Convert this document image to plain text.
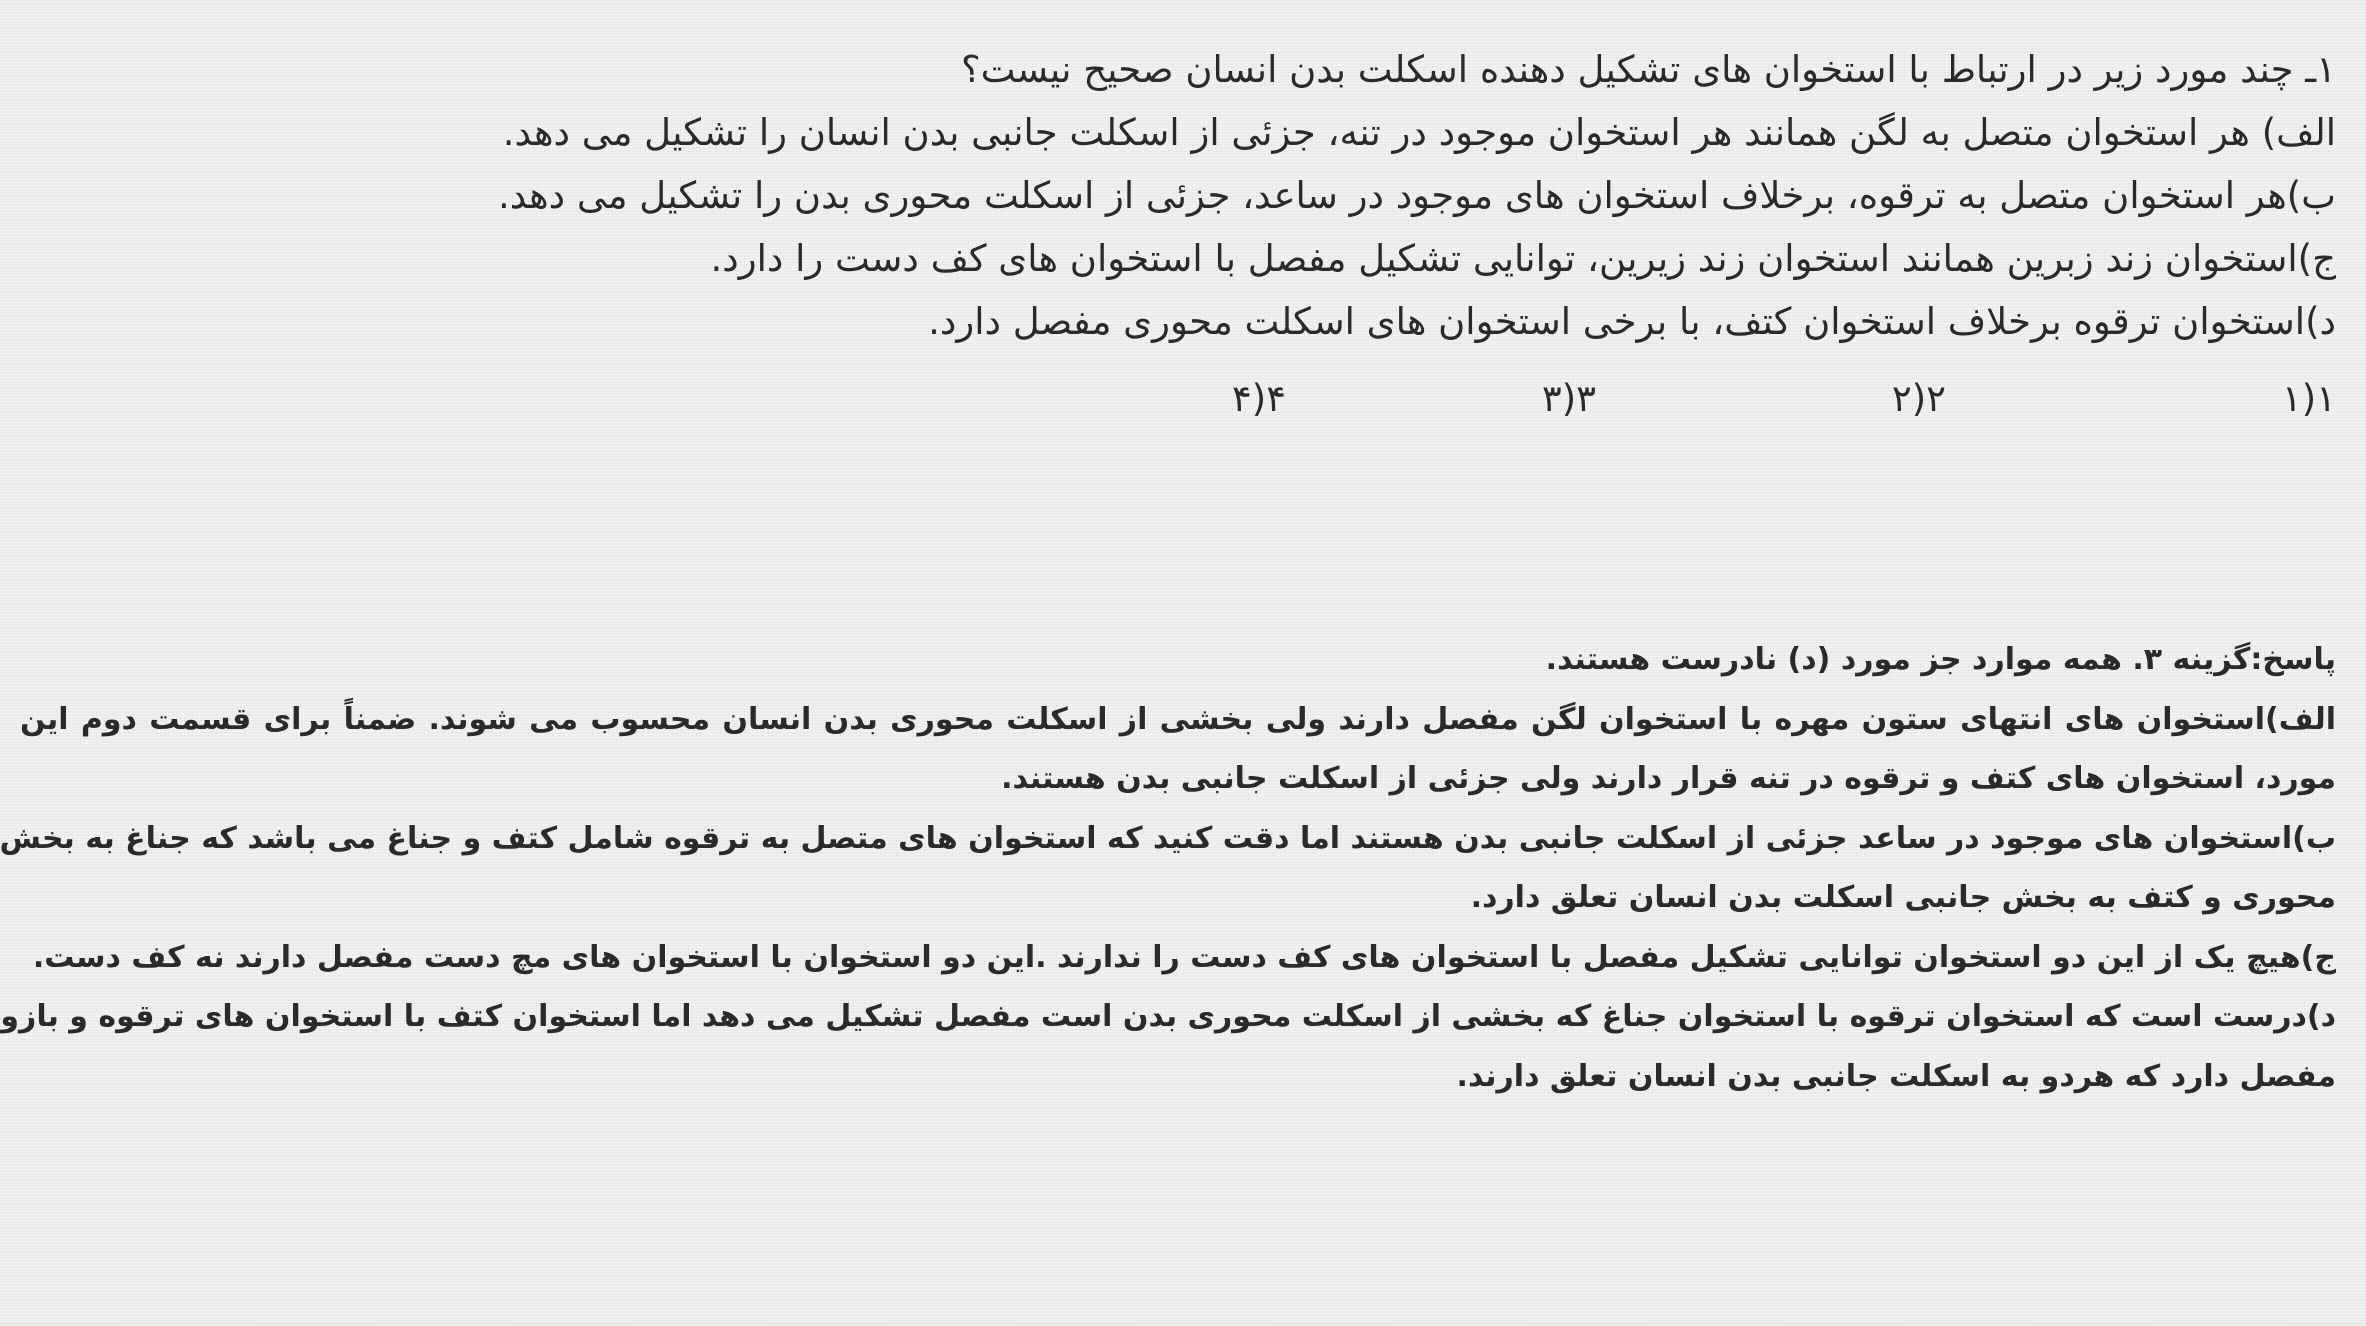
۱ـ چند مورد زیر در ارتباط با استخوان های تشکیل دهنده اسکلت بدن انسان صحیح نیست؟
الف) هر استخوان متصل به لگن همانند هر استخوان موجود در تنه، جزئی از اسکلت جانبی بدن انسان را تشکیل می دهد.
ب)هر استخوان متصل به ترقوه، برخلاف استخوان های موجود در ساعد، جزئی از اسکلت محوری بدن را تشکیل می دهد.
ج)استخوان زند زبرین همانند استخوان زند زیرین، توانایی تشکیل مفصل با استخوان های کف دست را دارد.
د)استخوان ترقوه برخلاف استخوان کتف، با برخی استخوان های اسکلت محوری مفصل دارد.
۱(۱
۲(۲
۳(۳
۴(۴
پاسخ:گزینه ۳. همه موارد جز مورد (د) نادرست هستند.
الف)استخوان های انتهای ستون مهره با استخوان لگن مفصل دارند ولی بخشی از اسکلت محوری بدن انسان محسوب می شوند. ضمناً برای قسمت دوم این
مورد، استخوان های کتف و ترقوه در تنه قرار دارند ولی جزئی از اسکلت جانبی بدن هستند.
ب)استخوان های موجود در ساعد جزئی از اسکلت جانبی بدن هستند اما دقت کنید که استخوان های متصل به ترقوه شامل کتف و جناغ می باشد که جناغ به بخش
محوری و کتف به بخش جانبی اسکلت بدن انسان تعلق دارد.
ج)هیچ یک از این دو استخوان توانایی تشکیل مفصل با استخوان های کف دست را ندارند .این دو استخوان با استخوان های مچ دست مفصل دارند نه کف دست.
د)درست است که استخوان ترقوه با استخوان جناغ که بخشی از اسکلت محوری بدن است مفصل تشکیل می دهد اما استخوان کتف با استخوان های ترقوه و بازو
مفصل دارد که هردو به اسکلت جانبی بدن انسان تعلق دارند.
